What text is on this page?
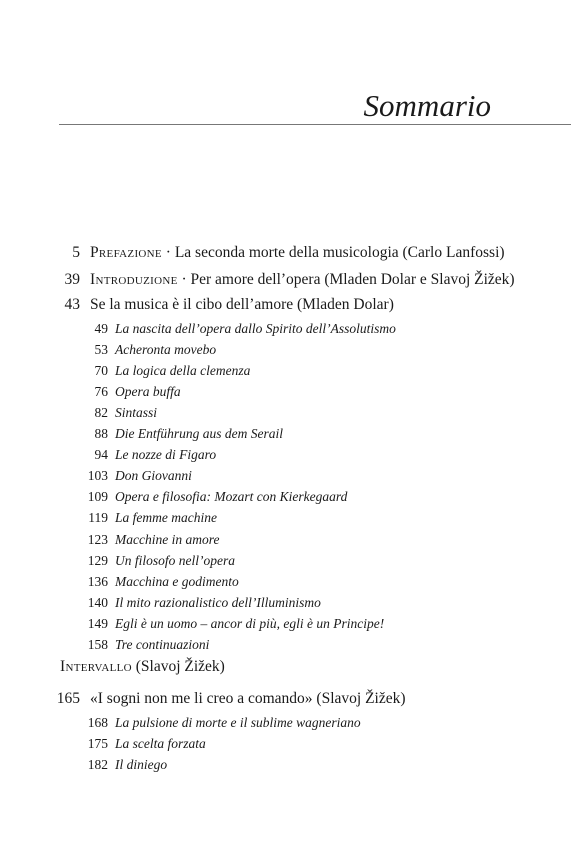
Sommario
5 Prefazione · La seconda morte della musicologia (Carlo Lanfossi)
39 Introduzione · Per amore dell’opera (Mladen Dolar e Slavoj Žižek)
43 Se la musica è il cibo dell’amore (Mladen Dolar)
49 La nascita dell’opera dallo Spirito dell’Assolutismo
53 Acheronta movebo
70 La logica della clemenza
76 Opera buffa
82 Sintassi
88 Die Entführung aus dem Serail
94 Le nozze di Figaro
103 Don Giovanni
109 Opera e filosofia: Mozart con Kierkegaard
119 La femme machine
123 Macchine in amore
129 Un filosofo nell’opera
136 Macchina e godimento
140 Il mito razionalistico dell’Illuminismo
149 Egli è un uomo – ancor di più, egli è un Principe!
158 Tre continuazioni
Intervallo (Slavoj Žižek)
165 «I sogni non me li creo a comando» (Slavoj Žižek)
168 La pulsione di morte e il sublime wagneriano
175 La scelta forzata
182 Il diniego
